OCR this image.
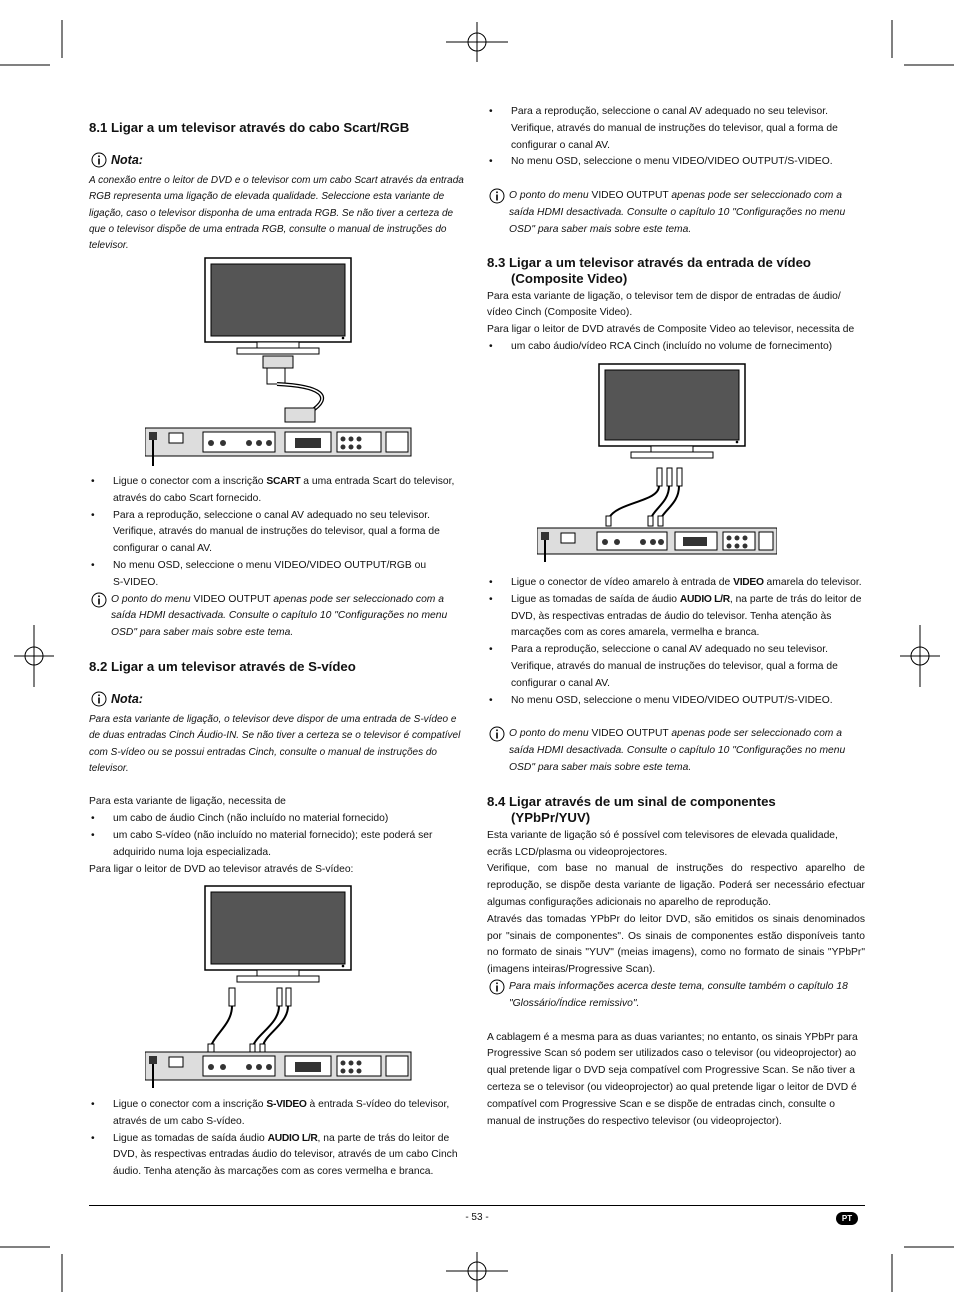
8.1 Ligar a um televisor através do cabo Scart/RGB

Nota:

A conexão entre o leitor de DVD e o televisor com um cabo Scart através da entrada RGB representa uma ligação de elevada qualidade. Seleccione esta variante de ligação, caso o televisor disponha de uma entrada RGB. Se não tiver a certeza de que o televisor dispõe de uma entrada RGB, consulte o manual de instruções do televisor.

• Ligue o conector com a inscrição SCART a uma entrada Scart do televisor, através do cabo Scart fornecido.
• Para a reprodução, seleccione o canal AV adequado no seu televisor. Verifique, através do manual de instruções do televisor, qual a forma de configurar o canal AV.
• No menu OSD, seleccione o menu VIDEO/VIDEO OUTPUT/RGB ou
S-VIDEO.
O ponto do menu VIDEO OUTPUT apenas pode ser seleccionado com a saída HDMI desactivada. Consulte o capítulo 10 "Configurações no menu OSD" para saber mais sobre este tema.

8.2 Ligar a um televisor através de S-vídeo

Nota:

Para esta variante de ligação, o televisor deve dispor de uma entrada de S-vídeo e de duas entradas Cinch Áudio-IN. Se não tiver a certeza se o televisor é compatível com S-vídeo ou se possui entradas Cinch, consulte o manual de instruções do televisor.

Para esta variante de ligação, necessita de

• um cabo de áudio Cinch (não incluído no material fornecido)
• um cabo S-vídeo (não incluído no material fornecido); este poderá ser adquirido numa loja especializada.

Para ligar o leitor de DVD ao televisor através de S-vídeo:

• Ligue o conector com a inscrição S-VIDEO à entrada S-vídeo do televisor, através de um cabo S-vídeo.
• Ligue as tomadas de saída áudio AUDIO L/R, na parte de trás do leitor de DVD, às respectivas entradas áudio do televisor, através de um cabo Cinch áudio. Tenha atenção às marcações com as cores vermelha e branca.
• Para a reprodução, seleccione o canal AV adequado no seu televisor. Verifique, através do manual de instruções do televisor, qual a forma de configurar o canal AV.
• No menu OSD, seleccione o menu VIDEO/VIDEO OUTPUT/S-VIDEO.
O ponto do menu VIDEO OUTPUT apenas pode ser seleccionado com a saída HDMI desactivada. Consulte o capítulo 10 "Configurações no menu OSD" para saber mais sobre este tema.

8.3 Ligar a um televisor através da entrada de vídeo
(Composite Video)

Para esta variante de ligação, o televisor tem de dispor de entradas de áudio/ vídeo Cinch (Composite Video).

Para ligar o leitor de DVD através de Composite Video ao televisor, necessita de

• um cabo áudio/vídeo RCA Cinch (incluído no volume de fornecimento)
• Ligue o conector de vídeo amarelo à entrada de VIDEO amarela do televisor.
• Ligue as tomadas de saída de áudio AUDIO L/R, na parte de trás do leitor de DVD, às respectivas entradas de áudio do televisor. Tenha atenção às marcações com as cores amarela, vermelha e branca.
• Para a reprodução, seleccione o canal AV adequado no seu televisor. Verifique, através do manual de instruções do televisor, qual a forma de configurar o canal AV.
• No menu OSD, seleccione o menu VIDEO/VIDEO OUTPUT/S-VIDEO.
O ponto do menu VIDEO OUTPUT apenas pode ser seleccionado com a saída HDMI desactivada. Consulte o capítulo 10 "Configurações no menu OSD" para saber mais sobre este tema.

8.4 Ligar através de um sinal de componentes
(YPbPr/YUV)

Esta variante de ligação só é possível com televisores de elevada qualidade, ecrãs LCD/plasma ou videoprojectores.

Verifique, com base no manual de instruções do respectivo aparelho de reprodução, se dispõe desta variante de ligação. Poderá ser necessário efectuar algumas configurações adicionais no aparelho de reprodução.

Através das tomadas YPbPr do leitor DVD, são emitidos os sinais denominados por "sinais de componentes". Os sinais de componentes estão disponíveis tanto no formato de sinais "YUV" (meias imagens), como no formato de sinais "YPbPr" (imagens inteiras/Progressive Scan).

Para mais informações acerca deste tema, consulte também o capítulo 18 "Glossário/Índice remissivo".

A cablagem é a mesma para as duas variantes; no entanto, os sinais YPbPr para Progressive Scan só podem ser utilizados caso o televisor (ou videoprojector) ao qual pretende ligar o DVD seja compatível com Progressive Scan. Se não tiver a certeza se o televisor (ou videoprojector) ao qual pretende ligar o leitor de DVD é compatível com Progressive Scan e se dispõe de entradas cinch, consulte o manual de instruções do respectivo televisor (ou videoprojector).

- 53 -	PT
